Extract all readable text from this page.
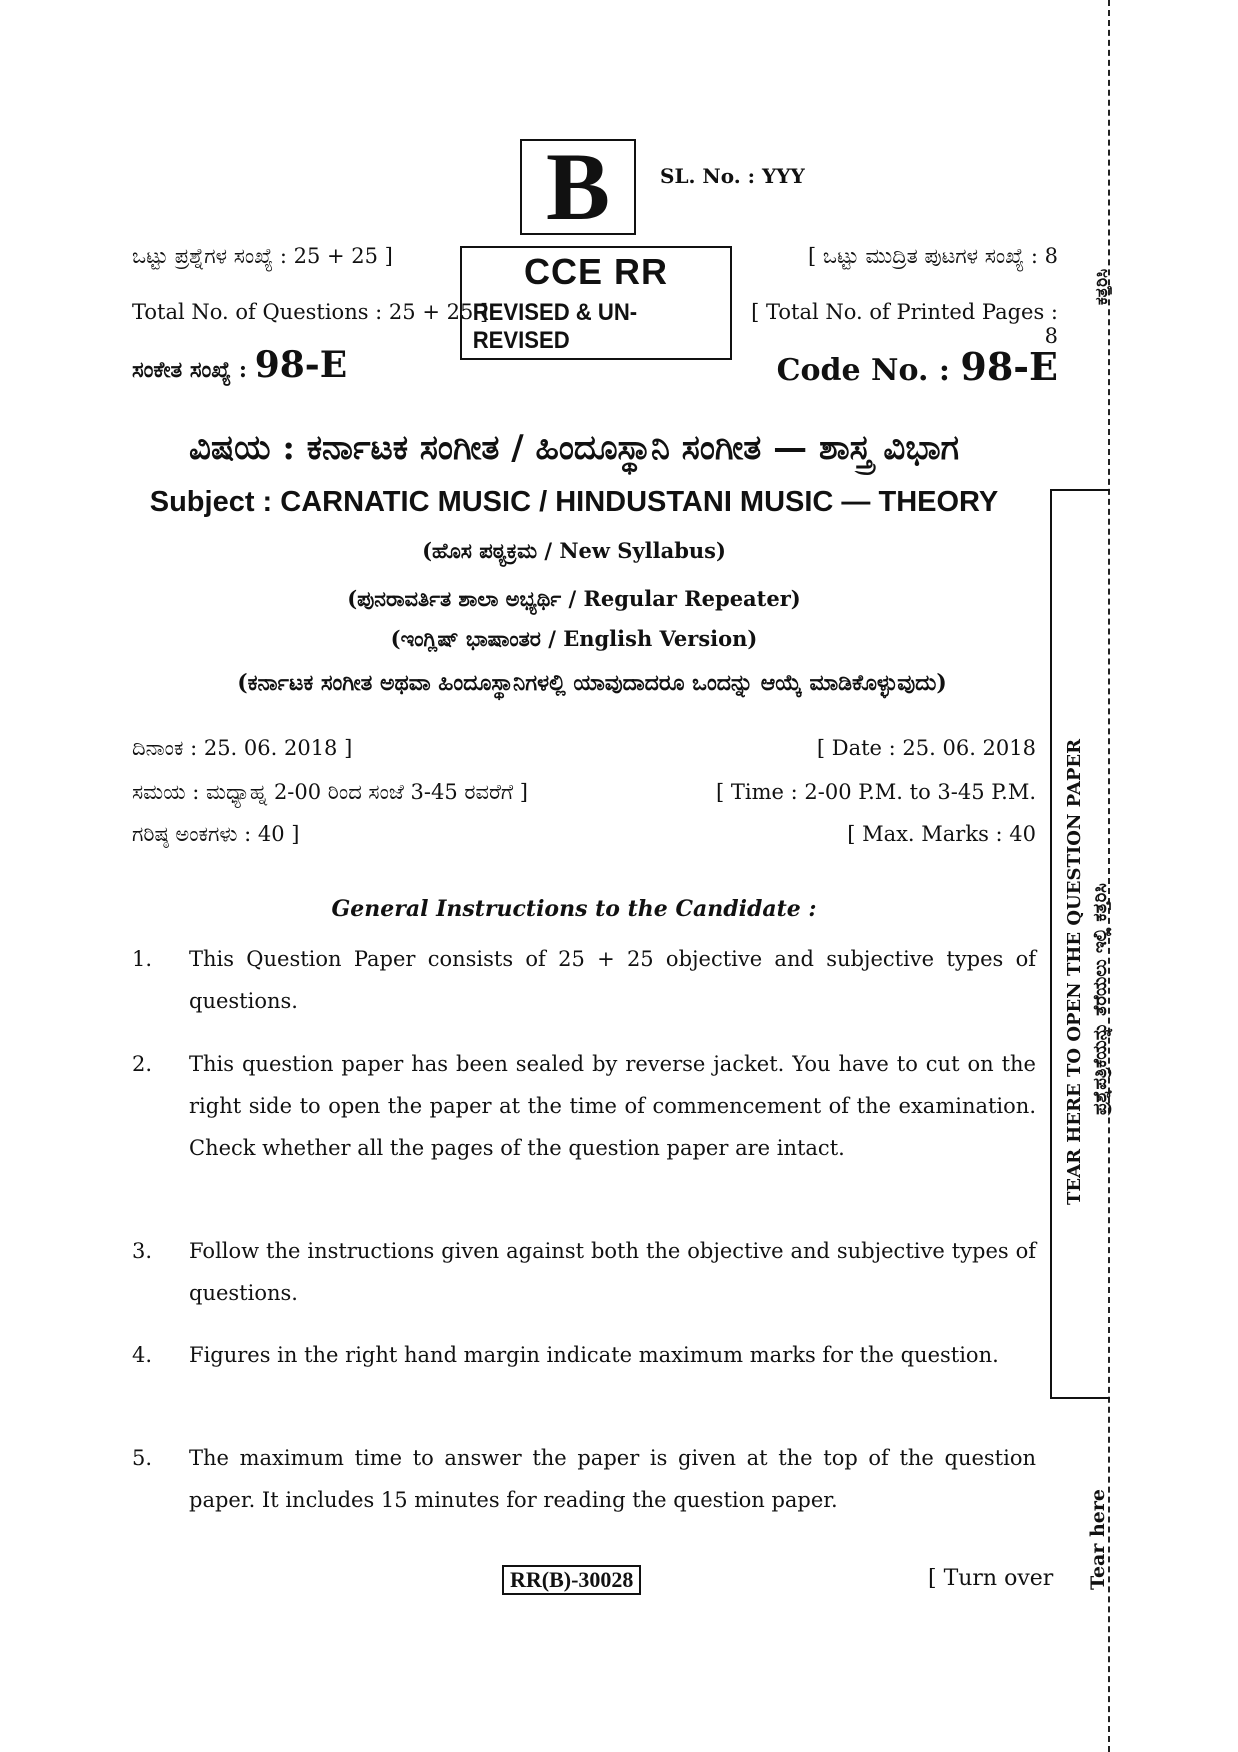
B SL. No. : YYY
ಒಟ್ಟು ಪ್ರಶ್ನೆಗಳ ಸಂಖ್ಯೆ : 25 + 25 ]
Total No. of Questions : 25 + 25 ]
CCE RR
REVISED & UN-REVISED
[ ಒಟ್ಟು ಮುದ್ರಿತ ಪುಟಗಳ ಸಂಖ್ಯೆ : 8
[ Total No. of Printed Pages : 8
ಸಂಕೇತ ಸಂಖ್ಯೆ : 98-E	Code No. : 98-E
ವಿಷಯ : ಕರ್ನಾಟಕ ಸಂಗೀತ / ಹಿಂದೂಸ್ಥಾನಿ ಸಂಗೀತ — ಶಾಸ್ತ್ರ ವಿಭಾಗ
Subject : CARNATIC MUSIC / HINDUSTANI MUSIC — THEORY
(ಹೊಸ ಪಠ್ಯಕ್ರಮ / New Syllabus)
(ಪುನರಾವರ್ತಿತ ಶಾಲಾ ಅಭ್ಯರ್ಥಿ / Regular Repeater)
(ಇಂಗ್ಲಿಷ್ ಭಾಷಾಂತರ / English Version)
(ಕರ್ನಾಟಕ ಸಂಗೀತ ಅಥವಾ ಹಿಂದೂಸ್ಥಾನಿಗಳಲ್ಲಿ ಯಾವುದಾದರೂ ಒಂದನ್ನು ಆಯ್ಕೆ ಮಾಡಿಕೊಳ್ಳುವುದು)
ದಿನಾಂಕ : 25. 06. 2018 ]	[ Date : 25. 06. 2018
ಸಮಯ : ಮಧ್ಯಾಹ್ನ 2-00 ರಿಂದ ಸಂಜೆ 3-45 ರವರೆಗೆ ]	[ Time : 2-00 P.M. to 3-45 P.M.
ಗರಿಷ್ಠ ಅಂಕಗಳು : 40 ]	[ Max. Marks : 40
General Instructions to the Candidate :
1. This Question Paper consists of 25 + 25 objective and subjective types of questions.
2. This question paper has been sealed by reverse jacket. You have to cut on the right side to open the paper at the time of commencement of the examination. Check whether all the pages of the question paper are intact.
3. Follow the instructions given against both the objective and subjective types of questions.
4. Figures in the right hand margin indicate maximum marks for the question.
5. The maximum time to answer the paper is given at the top of the question paper. It includes 15 minutes for reading the question paper.
RR(B)-30028	[ Turn over
ಕತ್ತರಿಸಿ
TEAR HERE TO OPEN THE QUESTION PAPER ಪ್ರಶ್ನೆಪತ್ರಿಕೆಯನ್ನು ತೆರೆಯಲು ಇಲ್ಲಿ ಕತ್ತರಿಸಿ
Tear here
